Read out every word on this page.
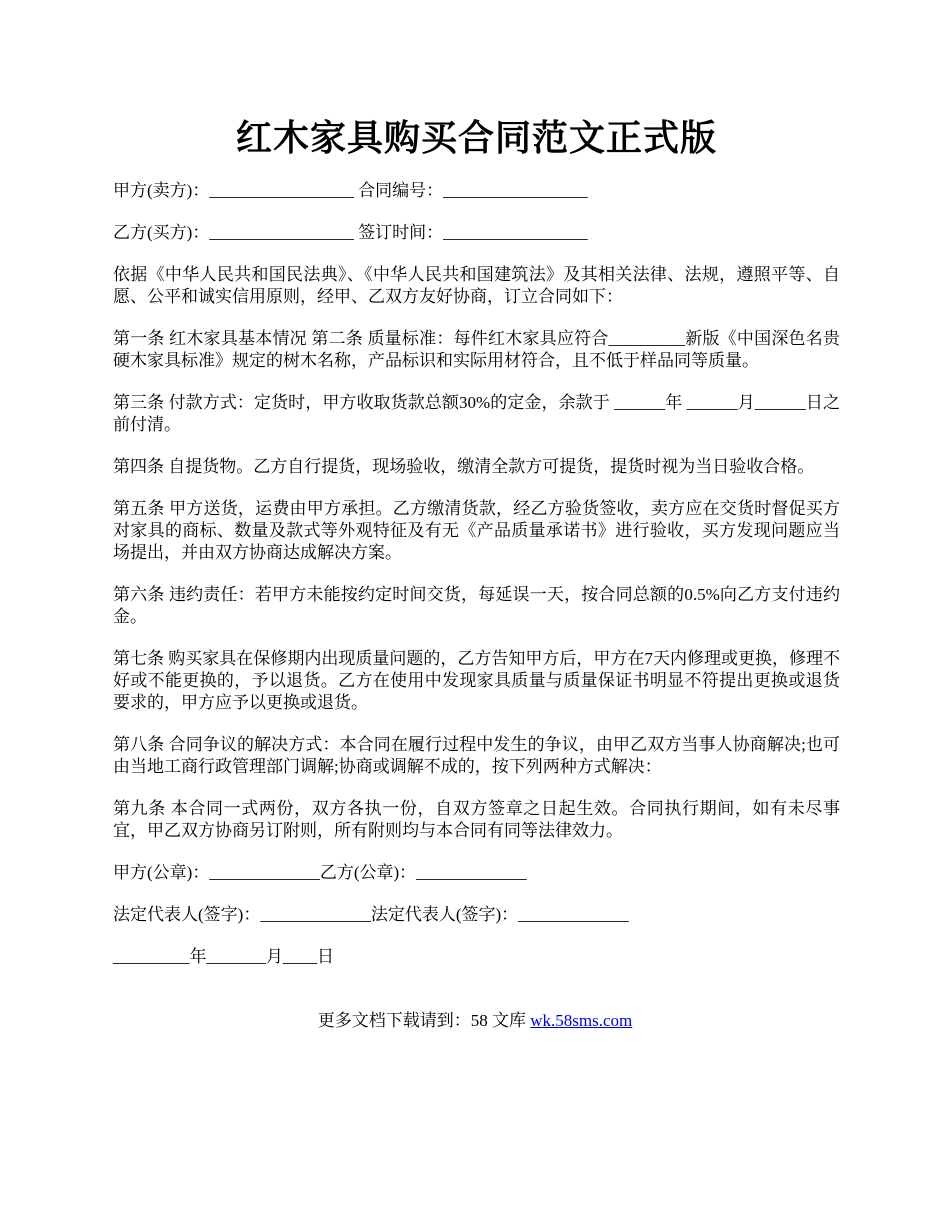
红木家具购买合同范文正式版

甲方(卖方)：_________________ 合同编号：_________________

乙方(买方)：_________________ 签订时间：_________________

依据《中华人民共和国民法典》、《中华人民共和国建筑法》及其相关法律、法规，遵照平等、自愿、公平和诚实信用原则，经甲、乙双方友好协商，订立合同如下：

第一条 红木家具基本情况 第二条 质量标准：每件红木家具应符合_________新版《中国深色名贵硬木家具标准》规定的树木名称，产品标识和实际用材符合，且不低于样品同等质量。

第三条 付款方式：定货时，甲方收取货款总额30%的定金，余款于 ______年 ______月______日之前付清。

第四条 自提货物。乙方自行提货，现场验收，缴清全款方可提货，提货时视为当日验收合格。

第五条 甲方送货，运费由甲方承担。乙方缴清货款，经乙方验货签收，卖方应在交货时督促买方对家具的商标、数量及款式等外观特征及有无《产品质量承诺书》进行验收，买方发现问题应当场提出，并由双方协商达成解决方案。

第六条 违约责任：若甲方未能按约定时间交货，每延误一天，按合同总额的0.5%向乙方支付违约金。

第七条 购买家具在保修期内出现质量问题的，乙方告知甲方后，甲方在7天内修理或更换，修理不好或不能更换的，予以退货。乙方在使用中发现家具质量与质量保证书明显不符提出更换或退货要求的，甲方应予以更换或退货。

第八条 合同争议的解决方式：本合同在履行过程中发生的争议，由甲乙双方当事人协商解决;也可由当地工商行政管理部门调解;协商或调解不成的，按下列两种方式解决：

第九条 本合同一式两份，双方各执一份，自双方签章之日起生效。合同执行期间，如有未尽事宜，甲乙双方协商另订附则，所有附则均与本合同有同等法律效力。

甲方(公章)：_____________乙方(公章)：_____________

法定代表人(签字)：_____________法定代表人(签字)：_____________

_________年_______月____日

更多文档下载请到：58 文库 wk.58sms.com
